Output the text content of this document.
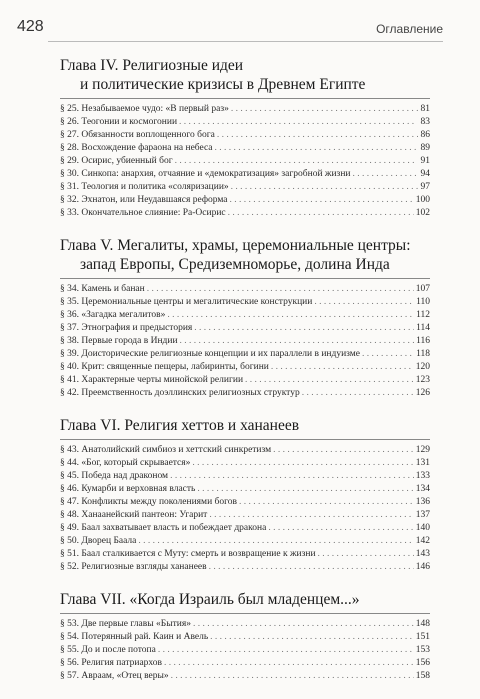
428	Оглавление
Глава IV. Религиозные идеи
и политические кризисы в Древнем Египте
§ 25. Незабываемое чудо: «В первый раз» . . .	81
§ 26. Теогонии и космогонии . . .	83
§ 27. Обязанности воплощенного бога . . .	86
§ 28. Восхождение фараона на небеса . . .	89
§ 29. Осирис, убиенный бог . . .	91
§ 30. Синкопа: анархия, отчаяние и «демократизация» загробной жизни . . .	94
§ 31. Теология и политика «соляризации» . . .	97
§ 32. Эхнатон, или Неудавшаяся реформа . . .	100
§ 33. Окончательное слияние: Ра-Осирис . . .	102
Глава V. Мегалиты, храмы, церемониальные центры:
запад Европы, Средиземноморье, долина Инда
§ 34. Камень и банан . . .	107
§ 35. Церемониальные центры и мегалитические конструкции . . .	110
§ 36. «Загадка мегалитов» . . .	112
§ 37. Этнография и предыстория . . .	114
§ 38. Первые города в Индии . . .	116
§ 39. Доисторические религиозные концепции и их параллели в индуизме . . .	118
§ 40. Крит: священные пещеры, лабиринты, богини . . .	120
§ 41. Характерные черты минойской религии . . .	123
§ 42. Преемственность доэллинских религиозных структур . . .	126
Глава VI. Религия хеттов и хананеев
§ 43. Анатолийский симбиоз и хеттский синкретизм . . .	129
§ 44. «Бог, который скрывается» . . .	131
§ 45. Победа над драконом . . .	133
§ 46. Кумарби и верховная власть . . .	134
§ 47. Конфликты между поколениями богов . . .	136
§ 48. Ханаанейский пантеон: Угарит . . .	137
§ 49. Баал захватывает власть и побеждает дракона . . .	140
§ 50. Дворец Баала . . .	142
§ 51. Баал сталкивается с Муту: смерть и возвращение к жизни . . .	143
§ 52. Религиозные взгляды хананеев . . .	146
Глава VII. «Когда Израиль был младенцем...»
§ 53. Две первые главы «Бытия» . . .	148
§ 54. Потерянный рай. Каин и Авель . . .	151
§ 55. До и после потопа . . .	153
§ 56. Религия патриархов . . .	156
§ 57. Авраам, «Отец веры» . . .	158
